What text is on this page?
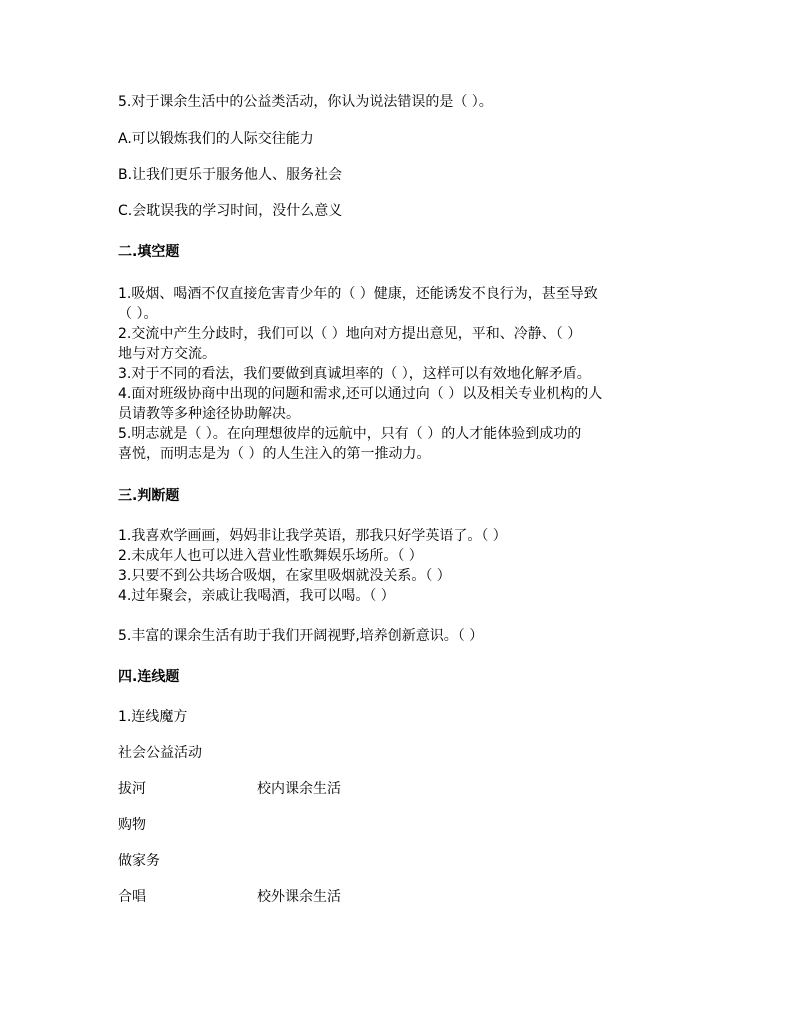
5.对于课余生活中的公益类活动，你认为说法错误的是（ ）。
A.可以锻炼我们的人际交往能力
B.让我们更乐于服务他人、服务社会
C.会耽误我的学习时间，没什么意义
二.填空题

1.吸烟、喝酒不仅直接危害青少年的（ ）健康，还能诱发不良行为，甚至导致

（ ）。

2.交流中产生分歧时，我们可以（ ）地向对方提出意见，平和、冷静、（ ）

地与对方交流。

3.对于不同的看法，我们要做到真诚坦率的（ ），这样可以有效地化解矛盾。

4.面对班级协商中出现的问题和需求,还可以通过向（ ）以及相关专业机构的人

员请教等多种途径协助解决。

5.明志就是（ ）。在向理想彼岸的远航中，只有（ ）的人才能体验到成功的

喜悦，而明志是为（ ）的人生注入的第一推动力。

三.判断题

1.我喜欢学画画，妈妈非让我学英语，那我只好学英语了。（ ）

2.未成年人也可以进入营业性歌舞娱乐场所。（ ）

3.只要不到公共场合吸烟，在家里吸烟就没关系。（ ）

4.过年聚会，亲戚让我喝酒，我可以喝。（ ）

5.丰富的课余生活有助于我们开阔视野,培养创新意识。（ ）
四.连线题
1.连线魔方
社会公益活动
拔河	校内课余生活
购物
做家务
合唱	校外课余生活
